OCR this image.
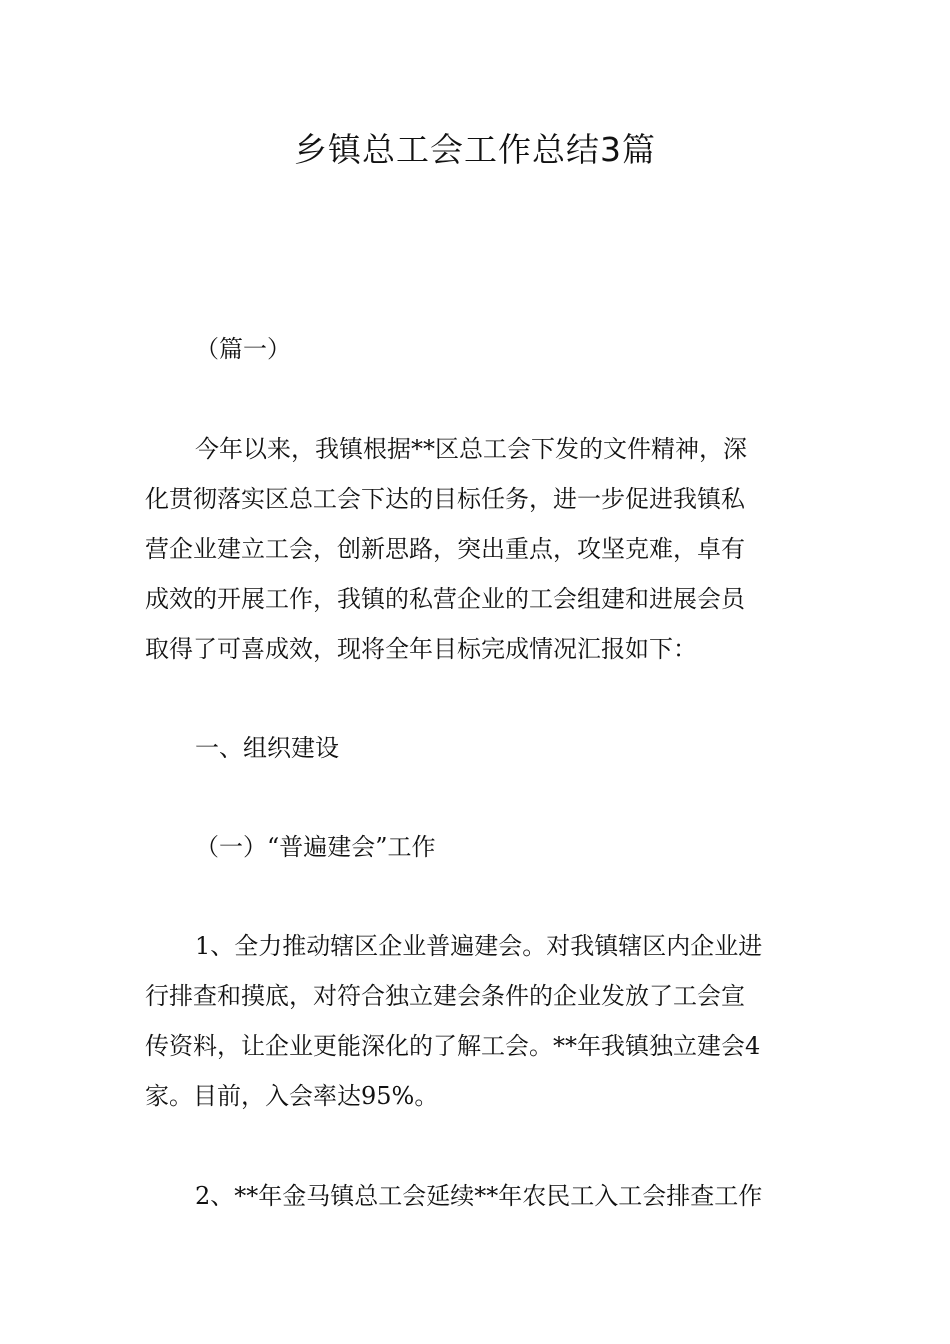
乡镇总工会工作总结3篇
（篇一）
今年以来，我镇根据**区总工会下发的文件精神，深
化贯彻落实区总工会下达的目标任务，进一步促进我镇私
营企业建立工会，创新思路，突出重点，攻坚克难，卓有
成效的开展工作，我镇的私营企业的工会组建和进展会员
取得了可喜成效，现将全年目标完成情况汇报如下：
一、组织建设
（一）“普遍建会”工作
1、全力推动辖区企业普遍建会。对我镇辖区内企业进
行排查和摸底，对符合独立建会条件的企业发放了工会宣
传资料，让企业更能深化的了解工会。**年我镇独立建会4
家。目前，入会率达95%。
2、**年金马镇总工会延续**年农民工入工会排查工作
